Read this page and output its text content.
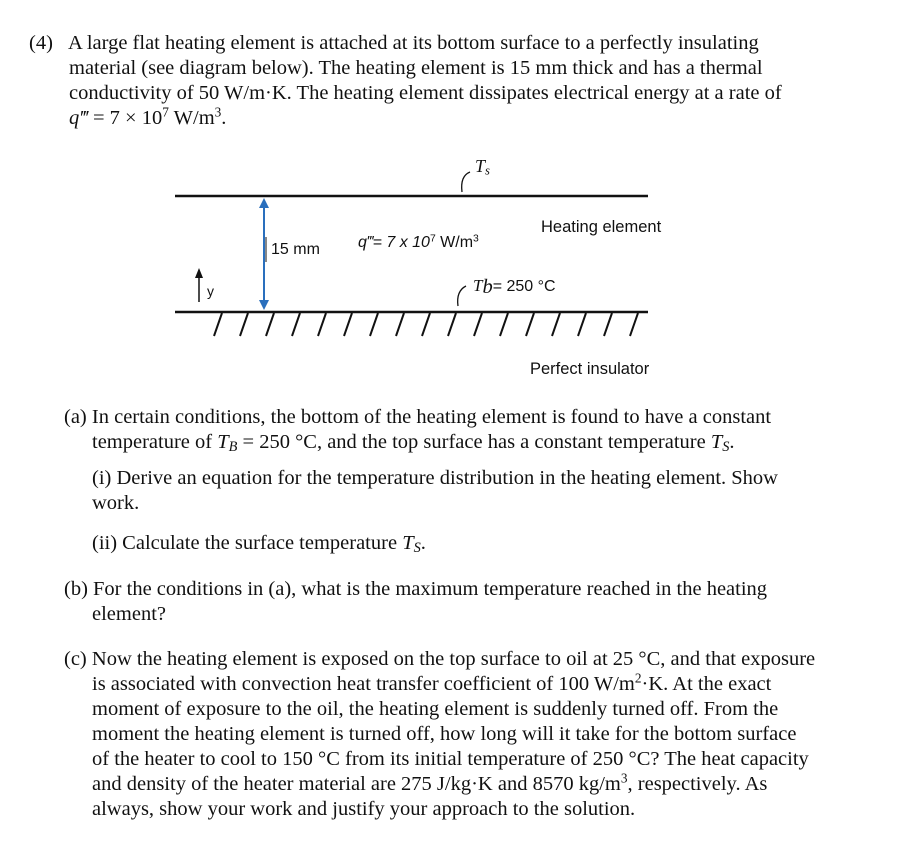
(4) A large flat heating element is attached at its bottom surface to a perfectly insulating
material (see diagram below). The heating element is 15 mm thick and has a thermal
conductivity of 50 W/m·K. The heating element dissipates electrical energy at a rate of
q‴ = $7 \times 10^7$ $W/m^3$.
$T_s$
Heating element
15 mm q‴= 7 x $10^7$ $W/m^3$
y	$T_b= 250$ °C
Perfect insulator
(a) In certain conditions, the bottom of the heating element is found to have a constant
temperature of $T_B = 250$ °C, and the top surface has a constant temperature $T_S$.
(i) Derive an equation for the temperature distribution in the heating element. Show
work.
(ii) Calculate the surface temperature $T_S$.
(b) For the conditions in (a), what is the maximum temperature reached in the heating
element?
(c) Now the heating element is exposed on the top surface to oil at 25 °C, and that exposure
is associated with convection heat transfer coefficient of 100 $W/m^2\cdot K$. At the exact
moment of exposure to the oil, the heating element is suddenly turned off. From the
moment the heating element is turned off, how long will it take for the bottom surface
of the heater to cool to 150 °C from its initial temperature of 250 °C? The heat capacity
and density of the heater material are 275 J/kg·K and 8570 $kg/m^3$, respectively. As
always, show your work and justify your approach to the solution.
